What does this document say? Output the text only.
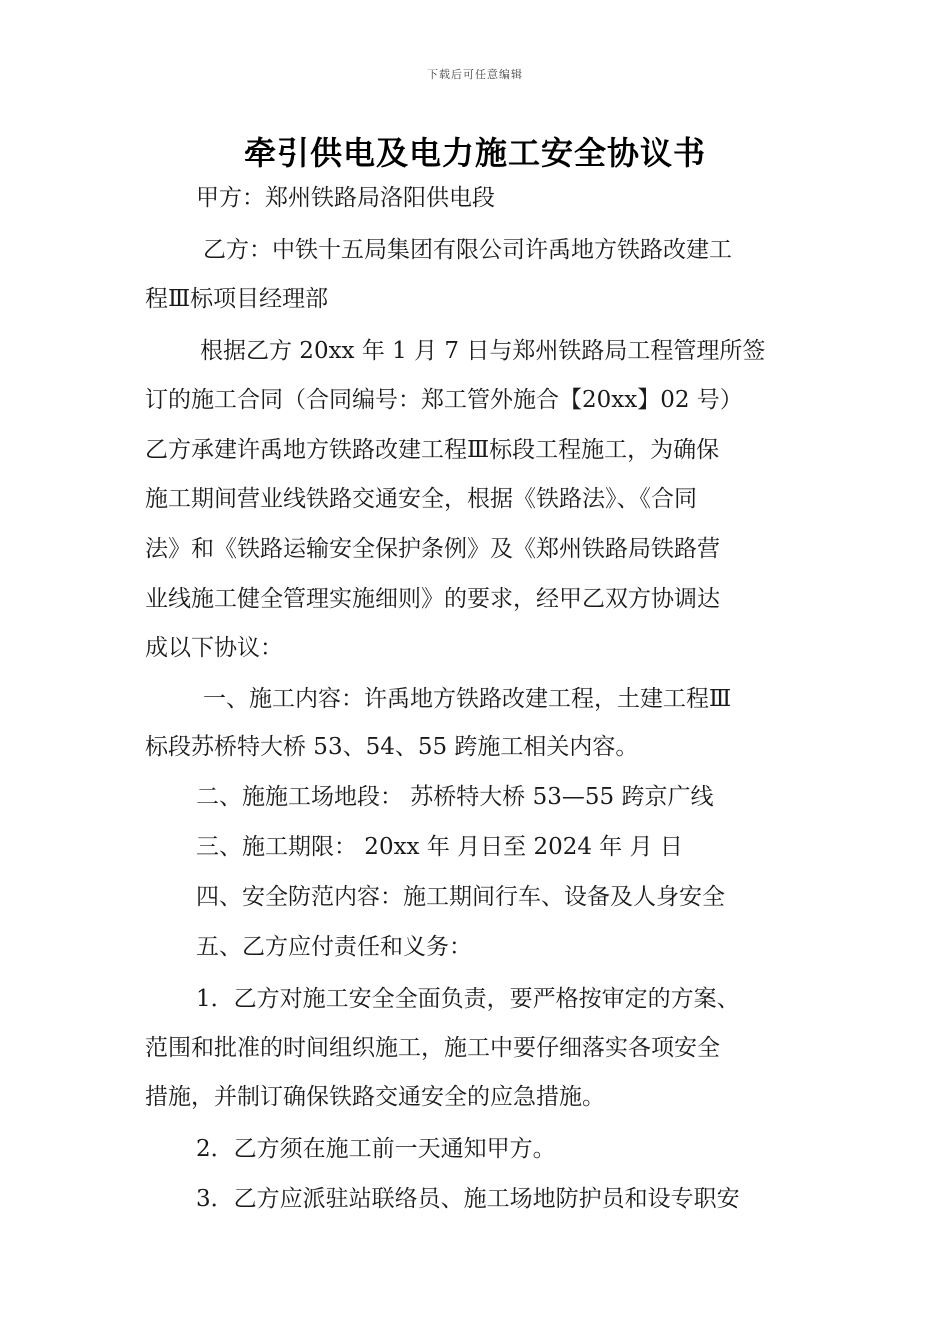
下载后可任意编辑
牵引供电及电力施工安全协议书
甲方：郑州铁路局洛阳供电段
乙方：中铁十五局集团有限公司许禹地方铁路改建工
程Ⅲ标项目经理部
根据乙方 20xx 年 1 月 7 日与郑州铁路局工程管理所签
订的施工合同（合同编号：郑工管外施合【20xx】02 号）
乙方承建许禹地方铁路改建工程Ⅲ标段工程施工，为确保
施工期间营业线铁路交通安全，根据《铁路法》、《合同
法》和《铁路运输安全保护条例》及《郑州铁路局铁路营
业线施工健全管理实施细则》的要求，经甲乙双方协调达
成以下协议：
一、施工内容：许禹地方铁路改建工程，土建工程Ⅲ
标段苏桥特大桥 53、54、55 跨施工相关内容。
二、施施工场地段： 苏桥特大桥 53—55 跨京广线
三、施工期限： 20xx 年 月日至 2024 年 月 日
四、安全防范内容：施工期间行车、设备及人身安全
五、乙方应付责任和义务：
1．乙方对施工安全全面负责，要严格按审定的方案、
范围和批准的时间组织施工，施工中要仔细落实各项安全
措施，并制订确保铁路交通安全的应急措施。
2．乙方须在施工前一天通知甲方。
3．乙方应派驻站联络员、施工场地防护员和设专职安
